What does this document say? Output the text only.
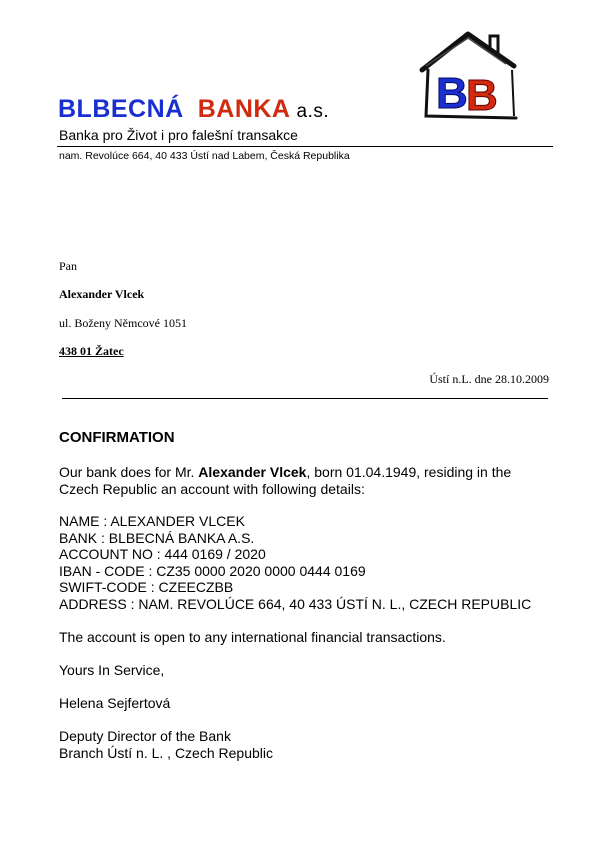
BLBECNÁ BANKA a.s.
Banka pro Život i pro falešní transakce
nam. Revolúce 664, 40 433 Ústí nad Labem, Česká Republika
B
B
Pan
Alexander Vlcek
ul. Boženy Němcové 1051
438 01 Žatec
Ústí n.L. dne 28.10.2009
CONFIRMATION
Our bank does for Mr. Alexander Vlcek, born 01.04.1949, residing in the
Czech Republic an account with following details:
NAME : ALEXANDER VLCEK
BANK : BLBECNÁ BANKA A.S.
ACCOUNT NO : 444 0169 / 2020
IBAN - CODE : CZ35 0000 2020 0000 0444 0169
SWIFT-CODE : CZEECZBB
ADDRESS : NAM. REVOLÚCE 664, 40 433 ÚSTÍ N. L., CZECH REPUBLIC
The account is open to any international financial transactions.
Yours In Service,
Helena Sejfertová
Deputy Director of the Bank
Branch Ústí n. L. , Czech Republic
